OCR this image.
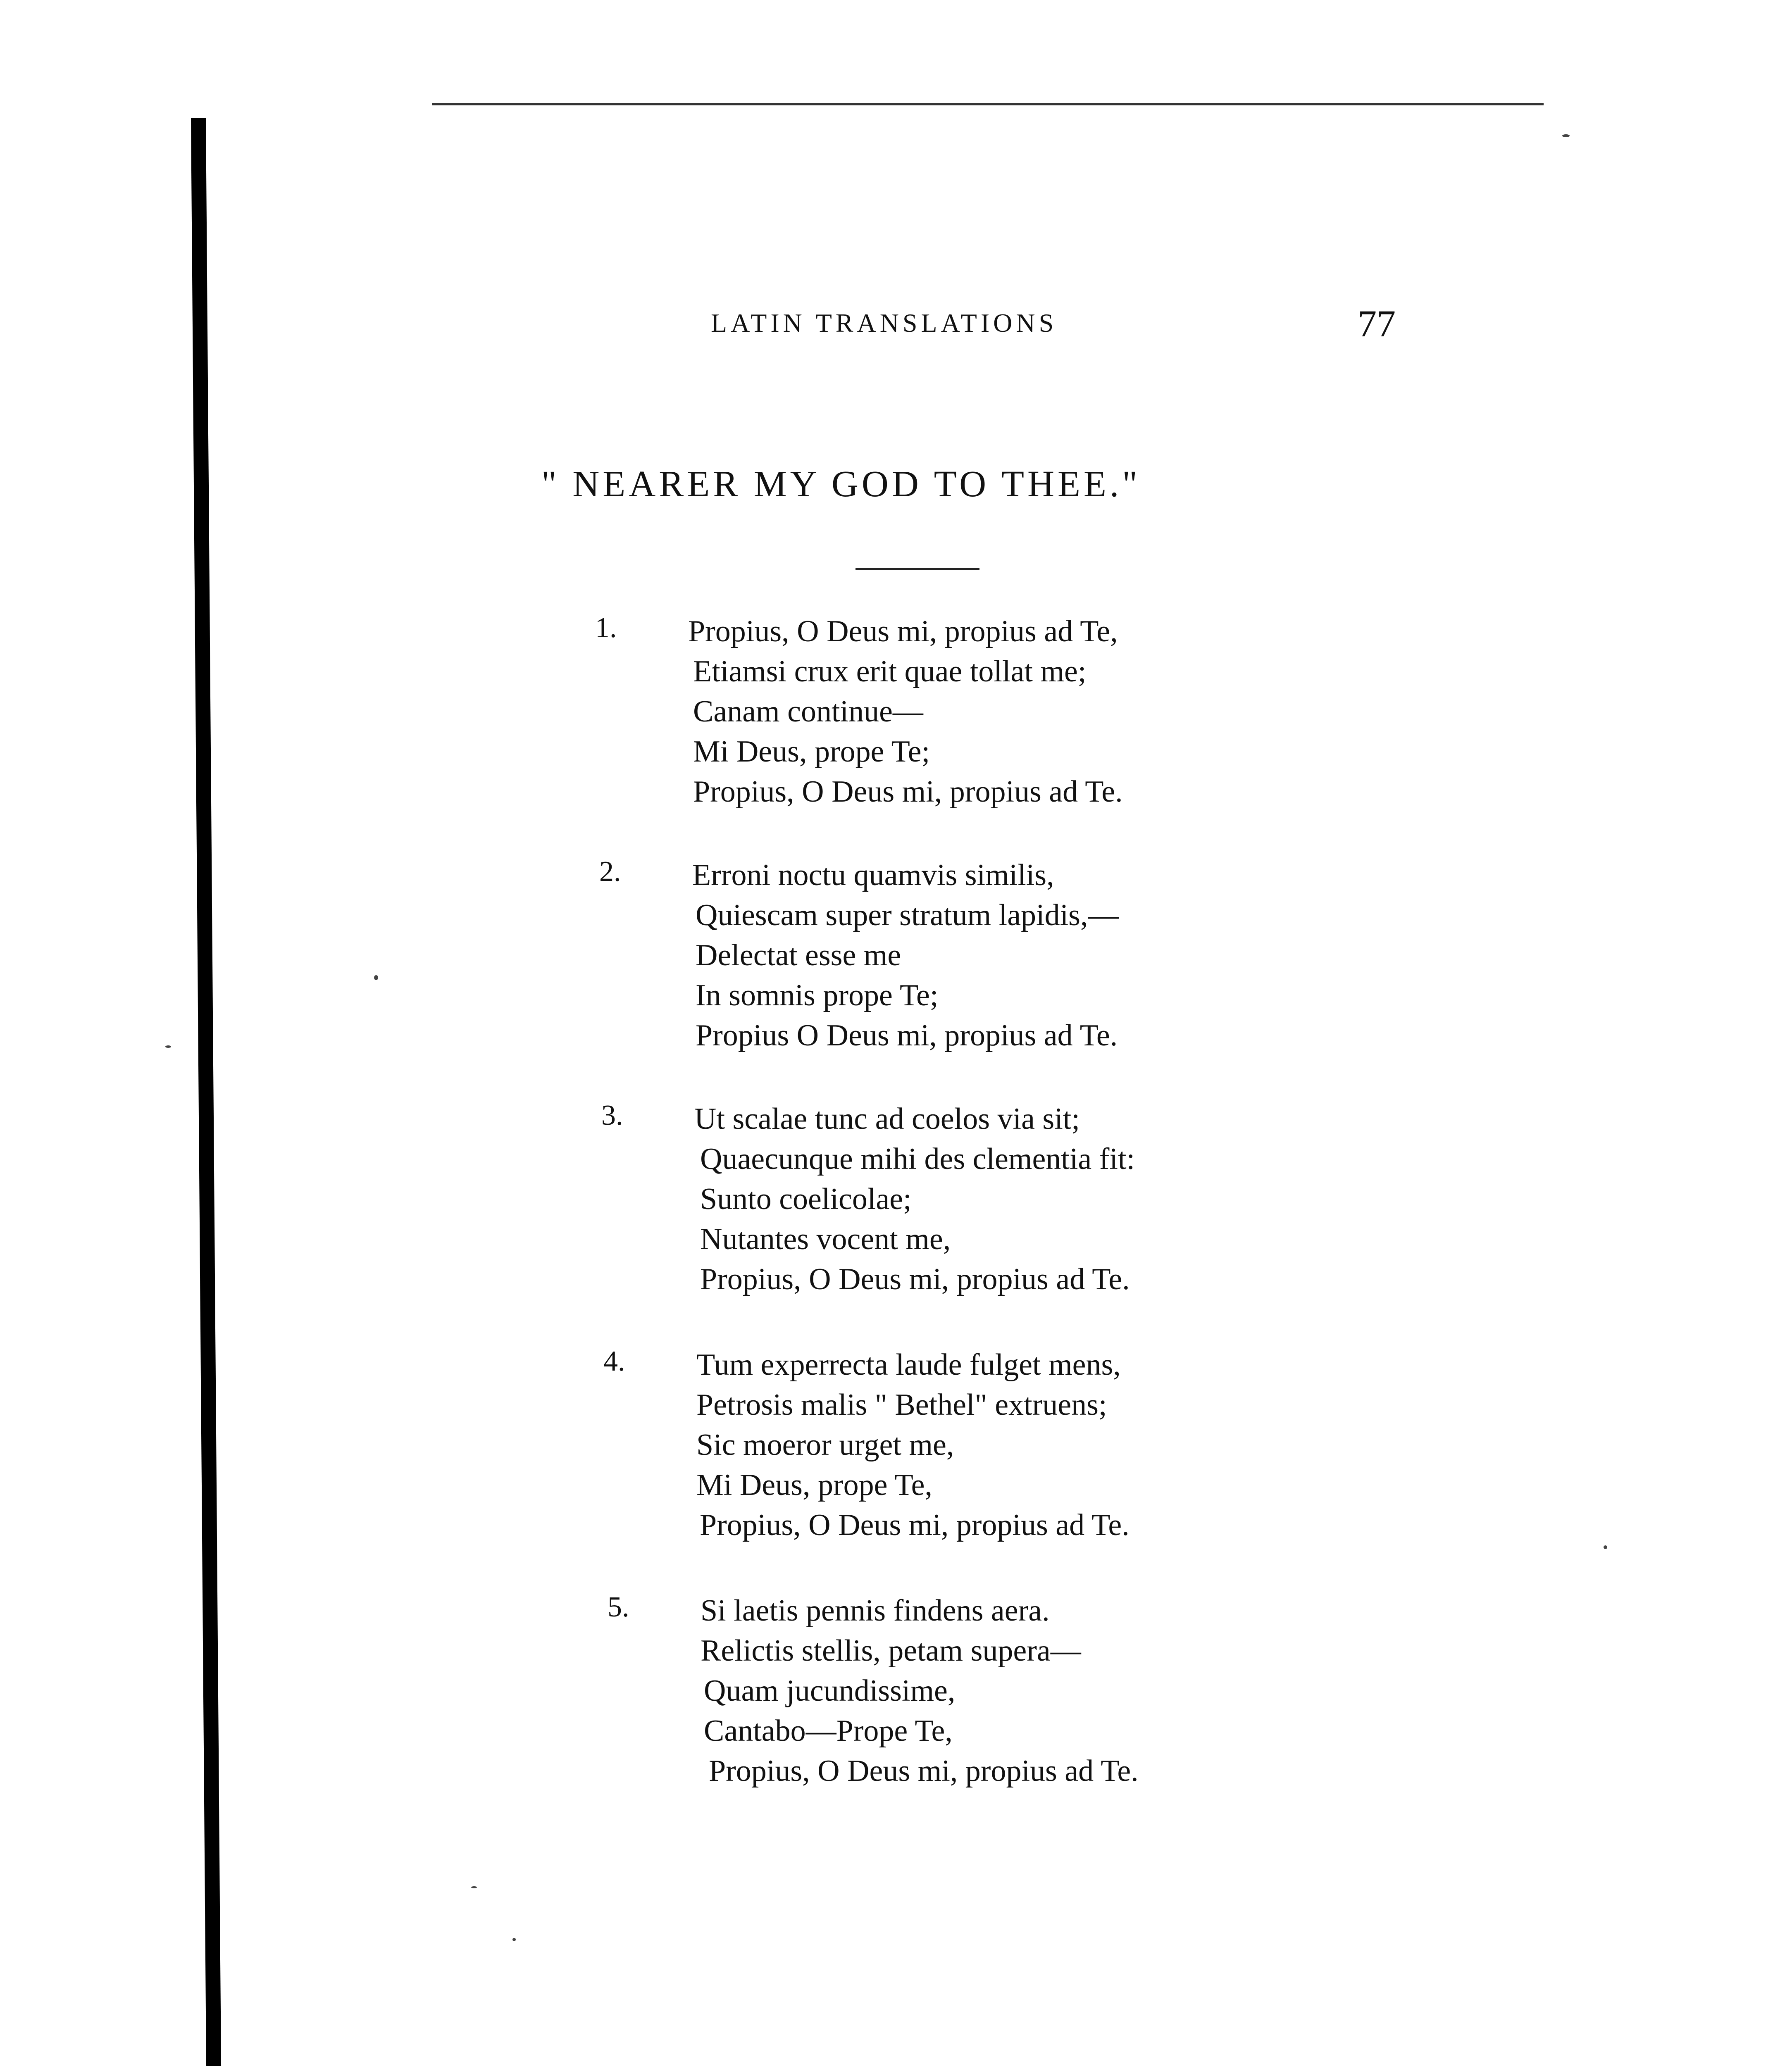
LATIN TRANSLATIONS	77
" NEARER MY GOD TO THEE."
1. Propius, O Deus mi, propius ad Te,
Etiamsi crux erit quae tollat me;
Canam continue—
Mi Deus, prope Te;
Propius, O Deus mi, propius ad Te.
2. Erroni noctu quamvis similis,
Quiescam super stratum lapidis,—
Delectat esse me
In somnis prope Te;
Propius O Deus mi, propius ad Te.
3. Ut scalae tunc ad coelos via sit;
Quaecunque mihi des clementia fit:
Sunto coelicolae;
Nutantes vocent me,
Propius, O Deus mi, propius ad Te.
4. Tum experrecta laude fulget mens,
Petrosis malis " Bethel" extruens;
Sic moeror urget me,
Mi Deus, prope Te,
Propius, O Deus mi, propius ad Te.
5. Si laetis pennis findens aera.
Relictis stellis, petam supera—
Quam jucundissime,
Cantabo—Prope Te,
Propius, O Deus mi, propius ad Te.
